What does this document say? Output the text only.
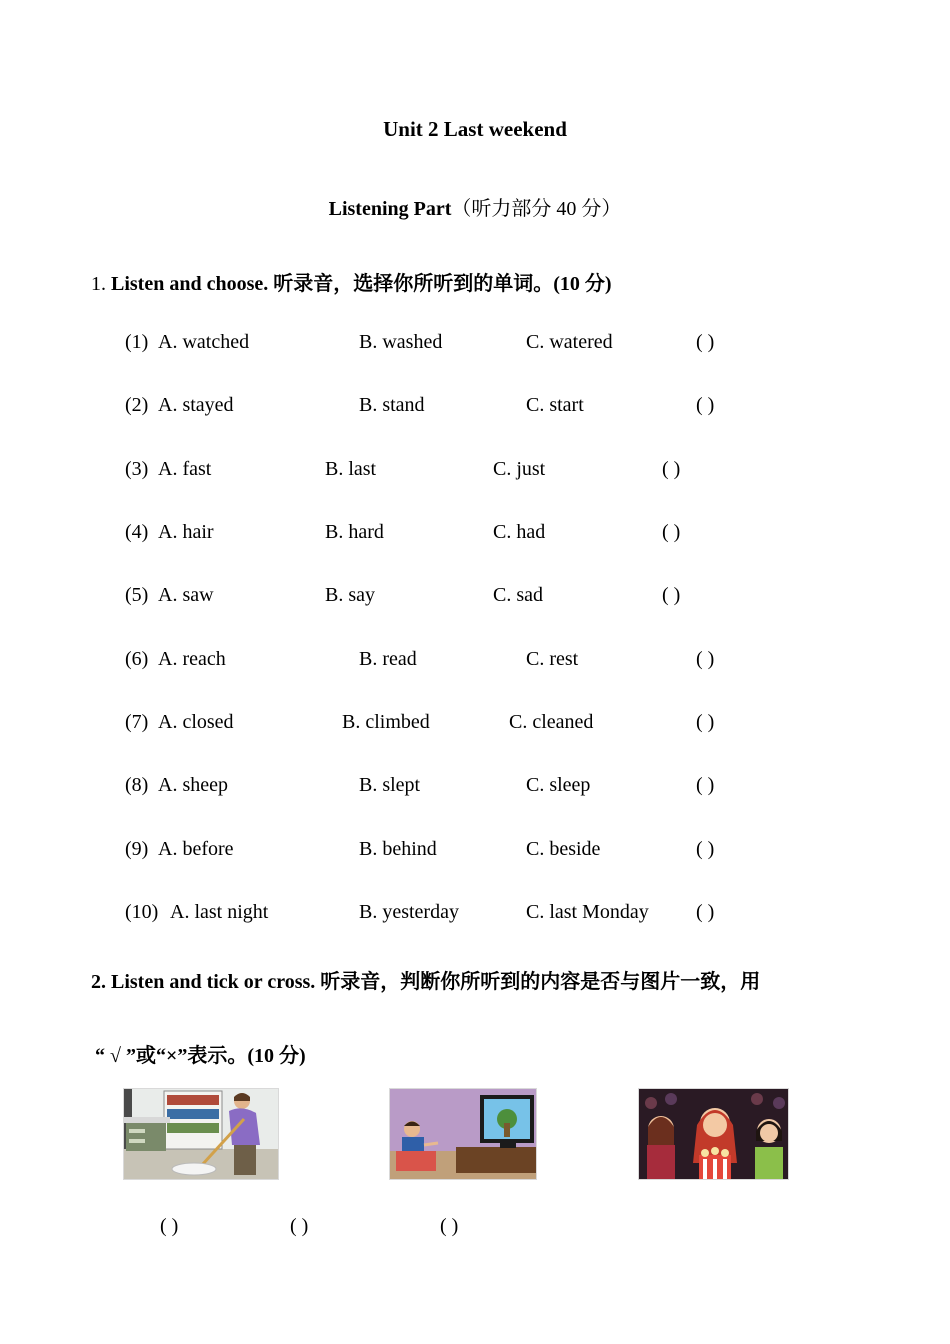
Unit 2 Last weekend
Listening Part（听力部分 40 分）
1. Listen and choose. 听录音，选择你所听到的单词。(10 分)
(1) A. watched	B. washed	C. watered	( )
(2) A. stayed	B. stand	C. start	( )
(3) A. fast	B. last	C. just	( )
(4) A. hair	B. hard	C. had	( )
(5) A. saw	B. say	C. sad	( )
(6) A. reach	B. read	C. rest	( )
(7) A. closed	B. climbed	C. cleaned	( )
(8) A. sheep	B. slept	C. sleep	( )
(9) A. before	B. behind	C. beside	( )
(10) A. last night	B. yesterday	C. last Monday ( )
2. Listen and tick or cross. 听录音，判断你所听到的内容是否与图片一致，用
“ √ ”或“×”表示。(10 分)
( )	( )	( )
